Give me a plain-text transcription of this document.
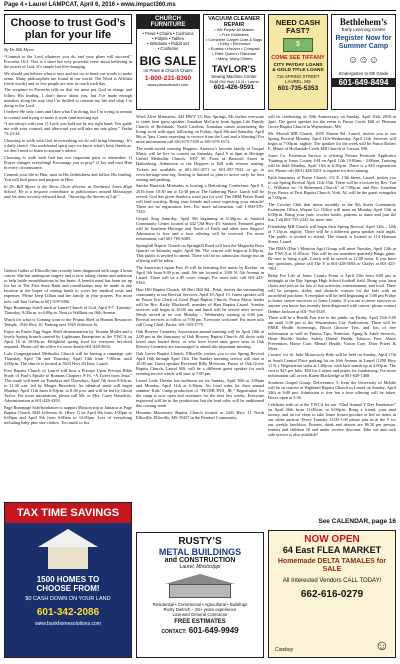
Page 4 • Laurel LAMPCAT, April 6, 2016 • www.impact360.ms
Choose to trust God’s plan for your life

By Dr. Bill Myers

“Commit to the Lord whatever you do, and your plans will succeed.” Proverbs 16:3. This is a short but very powerful verse about believing in the power of God. It’s simple but life-changing.

We should put believe what it says and not try to bend our words to make sense. Many philosophies are found in our world. The Word is Alleluia (fresh words) and so few people are now in touch each day.

The scripture in Proverbs tells us that we must put God in charge and follow His leading. I don’t know about you, but I’ve made enough mistakes along the way that I’m thrilled to commit my life and what I’m doing to the Lord.

I believe He only cares and likes what I’m doing, but I’m trying to remain in control and trying to make it work (and messing up).

“I am always with you, O Lord; you hold me by my right hand. You guide me with your counsel, and afterward you will take me into glory.” Psalm 73:23-24.

Choosing to walk with God in everything we do will bring blessings. It’s a daily choice. Our undefeated spirit says we know what’s best; therefore, we don’t need to listen to anyone’s advice.

Choosing to walk with God has two important parts to remember: 1) Prayer changes everything! Encourage you to pray! 2) Joy and trust Him in every circumstance.

Commit your life to Him, trust in His faithfulness and follow His leading. You will find peace and purpose in Him.

In Dr. Bill Myers is the Show Choir director at Northeast Jones High School. He is a frequent contributor to publications around Mississippi and his most recently released book, “Savoring the Storms of Life”.

Gideon Gallus of Ellisville has recently been diagnosed with stage 4 brain cancer. She has undergone surgery and is now taking chemo and radiation to help battle neuroblastoma in her brain. A benefit meal has been set up for her at The First State Bank and contributions may be made at any location in the hopes of raising funds to cover her medical costs and expenses. Please keep Lillian and her family in your prayers. For more info, call Jina Gallus at 601-319-9396.

Page Rummage Sale/Lunch at Laurel Church of God, April 9-7. Tuesday-Thursday, 8:00a.m. to 6:00p.m. Next to Wallbart on 16th Avenue.

Watch for what is Coming soon to the Peanut Shed at Human Resources Temple, 1926 Hwy 10, Parking area 1929 Jefferson St.

Enjoy an Easter Egg Sugar Shelf demonstration by Tawana Mullet and a lovely Spring brunch catered by Lightsome Enterprises at the YWCA on April 16 at 10:00a.m. Delightful spring food for everyone involved required. Please call the office for more details 601-428-5694.

Lula Congregational Methodist Church will be having a rummage sale Thursday, April 7th and Thursday, April 14th from 7:00a.m. until 2:00p.m. The church is located at 5643 Hwy 84 East, Laurel.

First Baptist Church of Laurel will host a Precept Upon Precept Bible Study of Paul’s Epistle to Romans Chapters 9-16, “A Tweet from Jesus” This study will meet on Tuesdays and Thursdays, April 7th from 9:30a.m. to 11:30 a.m. led by Margie Hasselriis. An identical study will begin Monday, April 11th from 6:30p.m. to 8:30 p.m. and will be led by Gloria Taylor. For more information, please call Ms. or Mrs. Carey Hasselriis, Administration at 601-428-4393.

Page Rummage Sale/fundraiser to support Mission trip to Jamaica at Page Baptist Church 3045 Jefferson St. (Hwy 1) on April 8th from 2:00pm to 6:00pm and April 9th from 6:00am to 12:00pm. Lots of everything including baby plus size clothes. Too much to list.

TAX TIME SAVINGS
1500 HOMES TO
CHOOSE FROM!
$0 CASH DOWN ON YOUR LAND
601-342-2086
www.bankhomesolutions.com
CHURCH FURNITURE
• Pews • Chairs • Cushions
• Pulpits • Tables
• Windows • Pulpit set
• Cushions
BIG SALE
on Pews & Church Chairs
1-800-231-8360
www.pewsofsouth.com
VACUUM CLEANER REPAIR
• We Repair All Makes
• Free Estimates
• Complete Carpet Care & Bags
• Kirby • Electrolux
• Eureka • Hoover • Compact
• Filter Queen • Rainbow
• Many, Many Others
TAYLOR’S
Sewing Machine Center
3648 Old Hwy 15 N • Laurel
601-426-9591
NEED CASH FAST?
$
COME SEE TIFFANY
CITY PAYDAY LOANS
& GOLD TITLE LOANS
716 SPRING STREET
LAUREL, MS
601-735-5353
Bethlehem’s
Early Learning Center
Register Now for Summer Camp
☺☺☺
Kindergarten to 6th Grade
601-649-8494

Word Alive Ministries, 443 HWY 15, Bay Springs, Ms invites everyone to come hear guest speaker, Jonathan McCarty from Agape Life Family Church of Richlands, North Carolina. Jonathan comes ministering the living word with signs following on Friday, April 8th and Saturday, April 9th at 7pm. Come expecting to receive from the Lord and a blessing! For more information call 601-670-7439 or 601-670-1674.

The multi-award winning Hoppers, America’s favorite family of Gospel Music will be live in concert on Saturday, April 9 at 6pm at Heritage United Methodist Church, 1007 W. Front at Bancroft Street in Hattiesburg. Admission to the Hoppers is $20 with reserve seating. Tickets are available at 601-261-3571 or 601-297-7922 or go to www.heritage-umc.org. Seating is limited so plan to arrive early for best seating and parking.

Sandra Hancock Ministries is hosting a Refreshing Conference April 8, 2016 from 10:30 am to 12:30 pm at The Gathering Place. Lunch will be served. God has given Sandra a word just for you! The SHM Prayer Band will lead worship. Bring your friends and come expecting your miracle! There are no registration fees. For more information, call 1-800-370-7330.

Gospel Sing Saturday, April 9th beginning at 6:30p.m. at Sanford Community Center located at 442 Old Hwy 49, Sanford. Featured guest will be Southern Heritage and Touch of Faith and other area Singers! Admission is free and a love offering will be received. For more information, call 601-765-6485.

Springhill Baptist Church on Springhill Road will host the Magnolia Boys Quartet on Saturday night, April 9th. The concert will begin at 6:30p.m. This public is invited to attend. There will be no admission charge but an offering will be taken.

The American Legion Post 18 will be featuring live music by Rockin’ on April 9th from 8:00 p.m. until. We are located at 1108 N. 5th Avenue in Laurel. There will be a $5 cover charge. For more info, call 601-425-9164.

Hart Hill Baptist Church, 66 Hart Hill Rd., Petal, invites the surrounding community to our Revival Services, April 10-April 13. Guest speaker will be Pastor Eric Clark of Good Hope Baptist Church. Praise Music leader will be Bro. Ricky Blackwell, member of Hart Baptist Laurel. Sunday services will begin at 10:00 am and lunch will be served after service. Meals served at no cost Monday – Wednesday starting at 6:00 pm. Revival services to follow at 7:00 pm. Everyone welcome! For more info call Craig Chaff, Pastor, 601-543-3779.

Oak Bowery Cemetery Association annual meeting will be April 10th at 2:00 pm in the Sanctuary of Oak Bowery Baptist Church. All those with loved ones buried there, or who have loved ones grave sites in Oak Bowery Cemetery are encouraged to attend this important meeting.

Oak Grove Baptist Church, Ellisville, invites you to our Spring Revival April 10th through April 13th. The Sunday morning service will start at 10:00 am. Guest speaker Reverend Billy McSwain, Pastor of Oak Grove Baptist Church, Laurel MS, will be a different guest speaker for each evening service which will start at 7:00 pm.

Laurel Little Theater has auditions set for Sunday, April 10th at 3:00pm and Monday, April 11th at 6:30pm. Air local rules for their annual summer Kids’ Camp production of “PETER PAN, JR.” Registration for the camp is now open and continues for the next few weeks. Everyone registered will be in the production, but the lead roles will be auditioned this coming week.

Hosanna Missionary Baptist Church located at 3441 Hwy 11 North Ellisville, Ellisville, MS 39437 in the Pendorf Community,

RUSTY’S
METAL BUILDINGS
and CONSTRUCTION
Laurel, Mississippi
Residential • Commercial • Agricultural • Buildings
Rusty Dietrich – 20+ years experience
Licensed General Contractor
FREE ESTIMATES
CONTACT: 601-649-9949

will be celebrating its 50th Anniversary on Sunday, April 10th, 2016 at 2pm. The guest speaker for the event is Pastor Curtis Hill of Pleasant Grove Baptist Church in Waynesboro, MS.

Mt. Moriah MB Church, 4055 Sharon Rd. Laurel, invites you to our Spring Revival Monday, April 11th-Wednesday, April 13th. Services will begin at 7:00p.m. nightly. The speaker for the week will be Pastor Robert E. Minor of Hollandale Creek MB Church of Carson, MS.

Jones Co. Extension Service is offering Private Pesticide Applicator Training at Jones County 4-H on April 12th 10:00am - 2:00pm. Training will be held Monday, April 11th at 6:30p.m. There is a $10 registration fee. Please call (601) 428-5201 to register for this training.

Faith Sanctuary of Praise Church, 111 E. 13th Street, Laurel, invites you to our Spring Revival April 11th-15th. There will be a lecture by Rev. Van C. Williams on “A Redeemed Church” at 7:00p.m. and Rev. Jonathan Frye, Pastor of First Baptist Church, York, AL will be the guest evangelist at 7:00p.m.

The Crochet Club that meets monthly at the 9th Street Community Extension Office, Wayne Co. Office will meet on Monday April 11th at 6:00p.m. Bring your yarn, crochet hooks, patterns to share and join the fun. Call 601-735-2243 for more info.

Friendship MB Church will begin their Spring Revival, April 12th – 14th at 7:15p.m. nightly. There will be a different guest speaker each night. The public is invited to attend. The church is located at 114 Harmon Street, Laurel.

The DMA (Don’t Mention Age) Group will meet Tuesday, April 12th at the YWCA at 11:00a.m. This will be our members quarterly Bingo game. Be sure to bring a gift. Lunch will be served at 12:00 noon. If you have any questions, please call The Y at 601-428-5694 or Gladys at 601-425-7801.

Relay For Life of Jones County Event is April 15th from 6:00 pm to midnight at the Bay Springs High School football field. Bring your lawn chairs and join us for lots of fun activities, entertainment, and food. There will be jumpers, slides, and obstacle courses for the kids with an arrowhead purchase. A reception will be held beginning at 5:00 pm Friday to honor cancer survivors of Jones County. If you are a cancer survivor or anyone you know has recently been diagnosed with cancer, please contact Debbie Jackson at 601-764-4528.

There will be a Health Fair free to the public on Friday, April 15th 9:00 am until 3:30 pm at the Waynesboro City Auditorium. There will be FREE Health Screenings, Blood Glucose Test, and lots of free information as well as Fitness Tips, Nutrition, Aging & Adult Services, Heart Health, Stroke, Safety, Dental Health, Tobacco Free, Abuse Prevention, Home Care, Mental Health, Vision Care, Door Prizes & More.

Cruisin’ for St. Jude Motorcycle Ride will be held on Sunday, April 17th at South Central Place parking lot on 16th Avenue in Laurel (1200 Hwy 11 N.). Registration starts at 1:00p.m. with kick stands up at 2:00p.m. The cost is $25 per bike, $20 for 2 riders and prizes for fundraising. For more information call or text Karen Blackledge at 601-649-1408.

Southern Gospel Group, Deliverance 3, from the University of Mobile will be in concert at Highland Baptist Church in Laurel on Sunday, April 24th at 6:00 pm. Admission is free but a love offering will be taken. Doors open at 5:30.

Celebrate with us at the YWCA for our “52nd Annual Y Day Fundraiser” on April 26th from 11:00a.m. to 6:00p.m. Bring a friend, your mad money, and an ice chest to take home frozen goodies or bid on items in our silent auction. Every Tuesday 11:00-1:00 please join us at the Y for our weekly lunchbox. Entrees, drink and dessert are $6.50 per person, seniors and children 10 and under receive discount. Take out and curb side service is also available!

See CALENDAR, page 16
NOW OPEN
64 East FLEA MARKET
Homemade DELTA TAMALES for SALE
All Interested Vendors CALL TODAY!
662-616-0279
☺
Cowboy
